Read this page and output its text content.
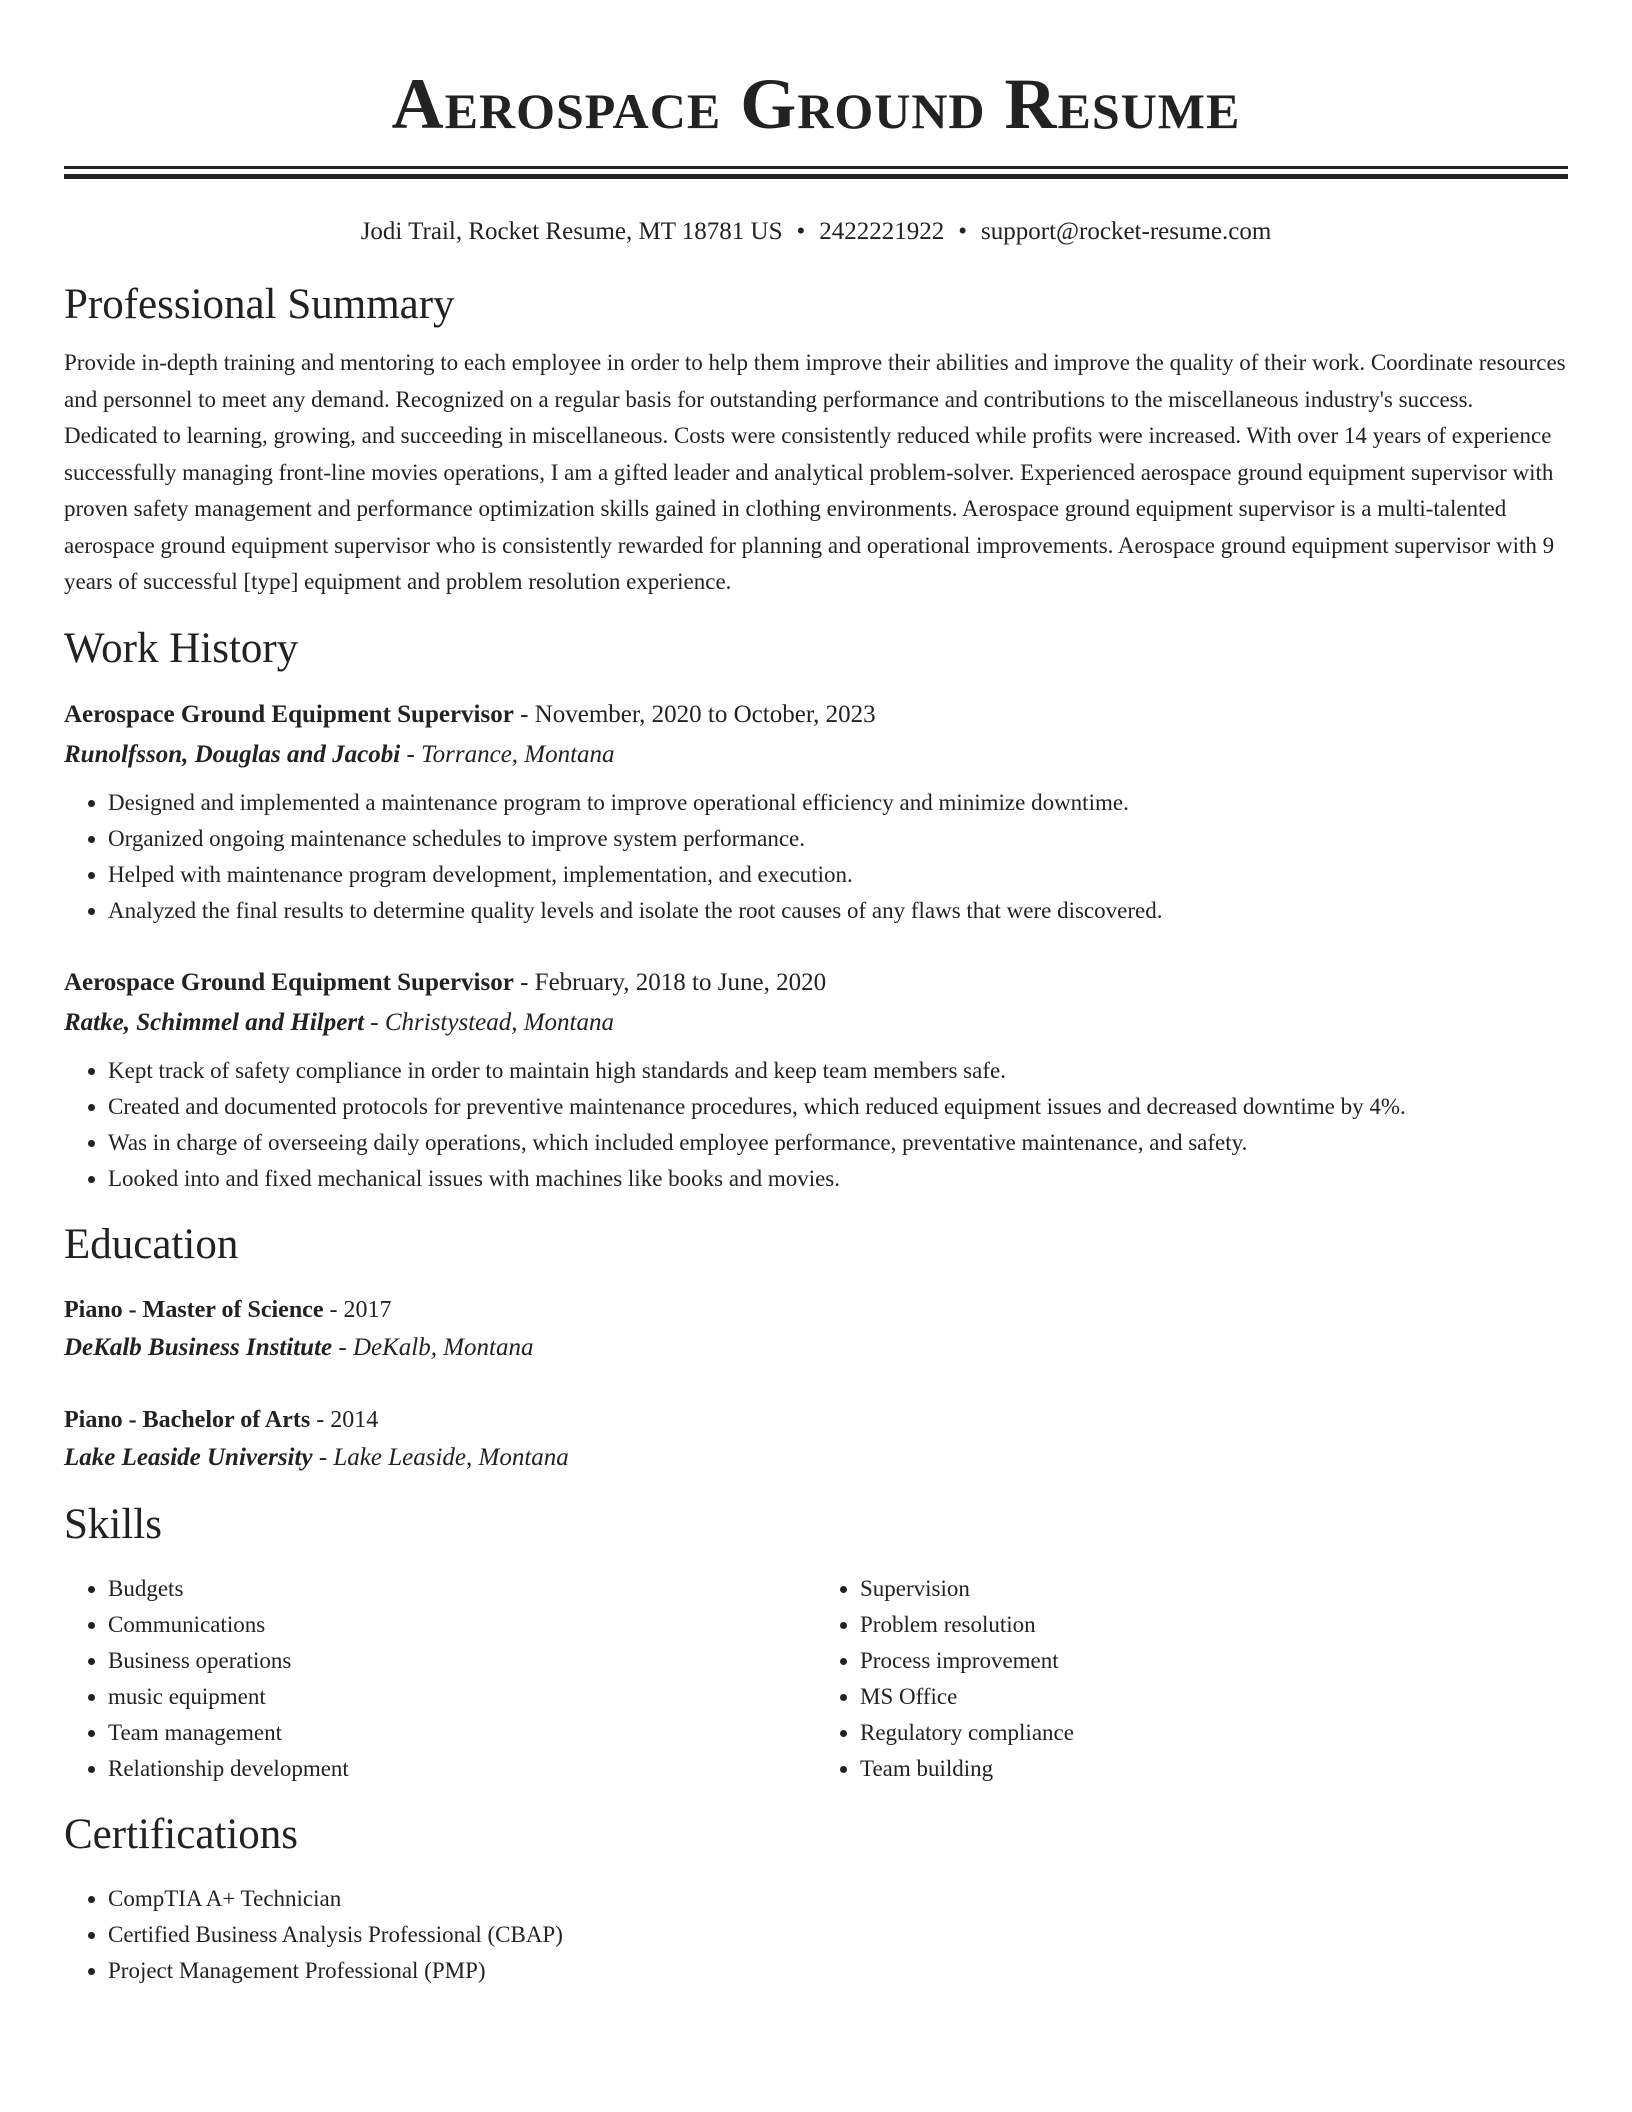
Aerospace Ground Resume
Jodi Trail, Rocket Resume, MT 18781 US • 2422221922 • support@rocket-resume.com
Professional Summary
Provide in-depth training and mentoring to each employee in order to help them improve their abilities and improve the quality of their work. Coordinate resources and personnel to meet any demand. Recognized on a regular basis for outstanding performance and contributions to the miscellaneous industry's success. Dedicated to learning, growing, and succeeding in miscellaneous. Costs were consistently reduced while profits were increased. With over 14 years of experience successfully managing front-line movies operations, I am a gifted leader and analytical problem-solver. Experienced aerospace ground equipment supervisor with proven safety management and performance optimization skills gained in clothing environments. Aerospace ground equipment supervisor is a multi-talented aerospace ground equipment supervisor who is consistently rewarded for planning and operational improvements. Aerospace ground equipment supervisor with 9 years of successful [type] equipment and problem resolution experience.
Work History
Aerospace Ground Equipment Supervisor - November, 2020 to October, 2023
Runolfsson, Douglas and Jacobi - Torrance, Montana
• Designed and implemented a maintenance program to improve operational efficiency and minimize downtime.
• Organized ongoing maintenance schedules to improve system performance.
• Helped with maintenance program development, implementation, and execution.
• Analyzed the final results to determine quality levels and isolate the root causes of any flaws that were discovered.
Aerospace Ground Equipment Supervisor - February, 2018 to June, 2020
Ratke, Schimmel and Hilpert - Christystead, Montana
• Kept track of safety compliance in order to maintain high standards and keep team members safe.
• Created and documented protocols for preventive maintenance procedures, which reduced equipment issues and decreased downtime by 4%.
• Was in charge of overseeing daily operations, which included employee performance, preventative maintenance, and safety.
• Looked into and fixed mechanical issues with machines like books and movies.
Education
Piano - Master of Science - 2017
DeKalb Business Institute - DeKalb, Montana
Piano - Bachelor of Arts - 2014
Lake Leaside University - Lake Leaside, Montana
Skills
• Budgets
• Communications
• Business operations
• music equipment
• Team management
• Relationship development
• Supervision
• Problem resolution
• Process improvement
• MS Office
• Regulatory compliance
• Team building
Certifications
• CompTIA A+ Technician
• Certified Business Analysis Professional (CBAP)
• Project Management Professional (PMP)
